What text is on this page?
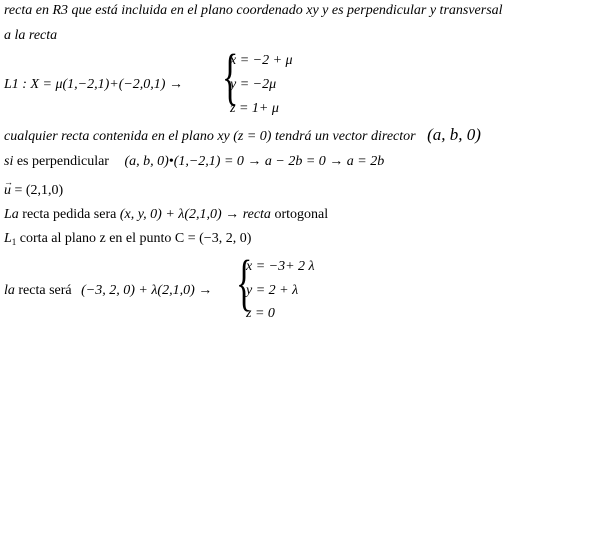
recta en R3 que está incluida en el plano coordenado xy y es perpendicular y transversal
a la recta
L1 : X = μ(1,−2,1)+(−2,0,1) → {
x = −2 + μ
y = −2μ
z = 1+ μ
cualquier recta contenida en el plano xy (z = 0) tendrá un vector director (a, b, 0)
si es perpendicular (a, b, 0)•(1,−2,1) = 0 → a − 2b = 0 → a = 2b
→ u = (2,1,0)
La recta pedida sera (x, y, 0) + λ(2,1,0) → recta ortogonal
$L_1$ corta al plano z en el punto C = (−3, 2, 0)
la recta será (−3, 2, 0) + λ(2,1,0) → {
x = −3+ 2 λ
y = 2 + λ
z = 0
